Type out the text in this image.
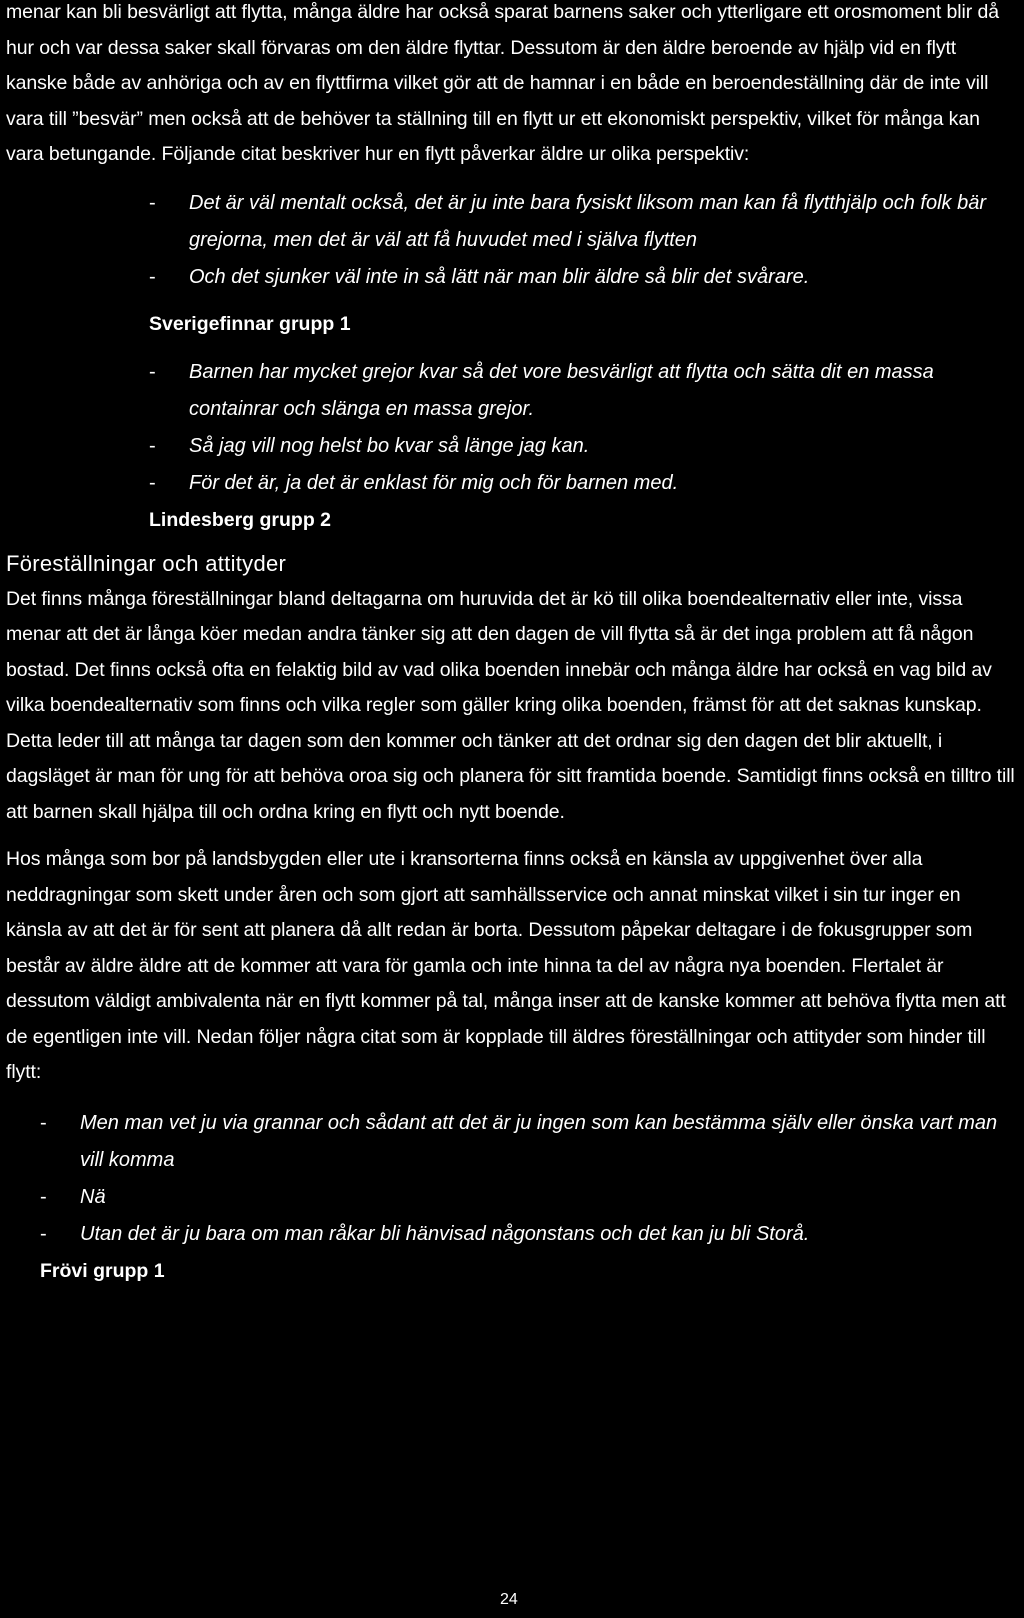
menar kan bli besvärligt att flytta, många äldre har också sparat barnens saker och ytterligare ett orosmoment blir då hur och var dessa saker skall förvaras om den äldre flyttar. Dessutom är den äldre beroende av hjälp vid en flytt kanske både av anhöriga och av en flyttfirma vilket gör att de hamnar i en både en beroendeställning där de inte vill vara till ”besvär” men också att de behöver ta ställning till en flytt ur ett ekonomiskt perspektiv, vilket för många kan vara betungande. Följande citat beskriver hur en flytt påverkar äldre ur olika perspektiv:

- Det är väl mentalt också, det är ju inte bara fysiskt liksom man kan få flytthjälp och folk bär grejorna, men det är väl att få huvudet med i själva flytten
- Och det sjunker väl inte in så lätt när man blir äldre så blir det svårare.
Sverigefinnar grupp 1
- Barnen har mycket grejor kvar så det vore besvärligt att flytta och sätta dit en massa containrar och slänga en massa grejor.
- Så jag vill nog helst bo kvar så länge jag kan.
- För det är, ja det är enklast för mig och för barnen med.
Lindesberg grupp 2
Föreställningar och attityder

Det finns många föreställningar bland deltagarna om huruvida det är kö till olika boendealternativ eller inte, vissa menar att det är långa köer medan andra tänker sig att den dagen de vill flytta så är det inga problem att få någon bostad. Det finns också ofta en felaktig bild av vad olika boenden innebär och många äldre har också en vag bild av vilka boendealternativ som finns och vilka regler som gäller kring olika boenden, främst för att det saknas kunskap. Detta leder till att många tar dagen som den kommer och tänker att det ordnar sig den dagen det blir aktuellt, i dagsläget är man för ung för att behöva oroa sig och planera för sitt framtida boende. Samtidigt finns också en tilltro till att barnen skall hjälpa till och ordna kring en flytt och nytt boende.

Hos många som bor på landsbygden eller ute i kransorterna finns också en känsla av uppgivenhet över alla neddragningar som skett under åren och som gjort att samhällsservice och annat minskat vilket i sin tur inger en känsla av att det är för sent att planera då allt redan är borta. Dessutom påpekar deltagare i de fokusgrupper som består av äldre äldre att de kommer att vara för gamla och inte hinna ta del av några nya boenden. Flertalet är dessutom väldigt ambivalenta när en flytt kommer på tal, många inser att de kanske kommer att behöva flytta men att de egentligen inte vill. Nedan följer några citat som är kopplade till äldres föreställningar och attityder som hinder till flytt:

- Men man vet ju via grannar och sådant att det är ju ingen som kan bestämma själv eller önska vart man vill komma
- Nä
- Utan det är ju bara om man råkar bli hänvisad någonstans och det kan ju bli Storå.
Frövi grupp 1
24
